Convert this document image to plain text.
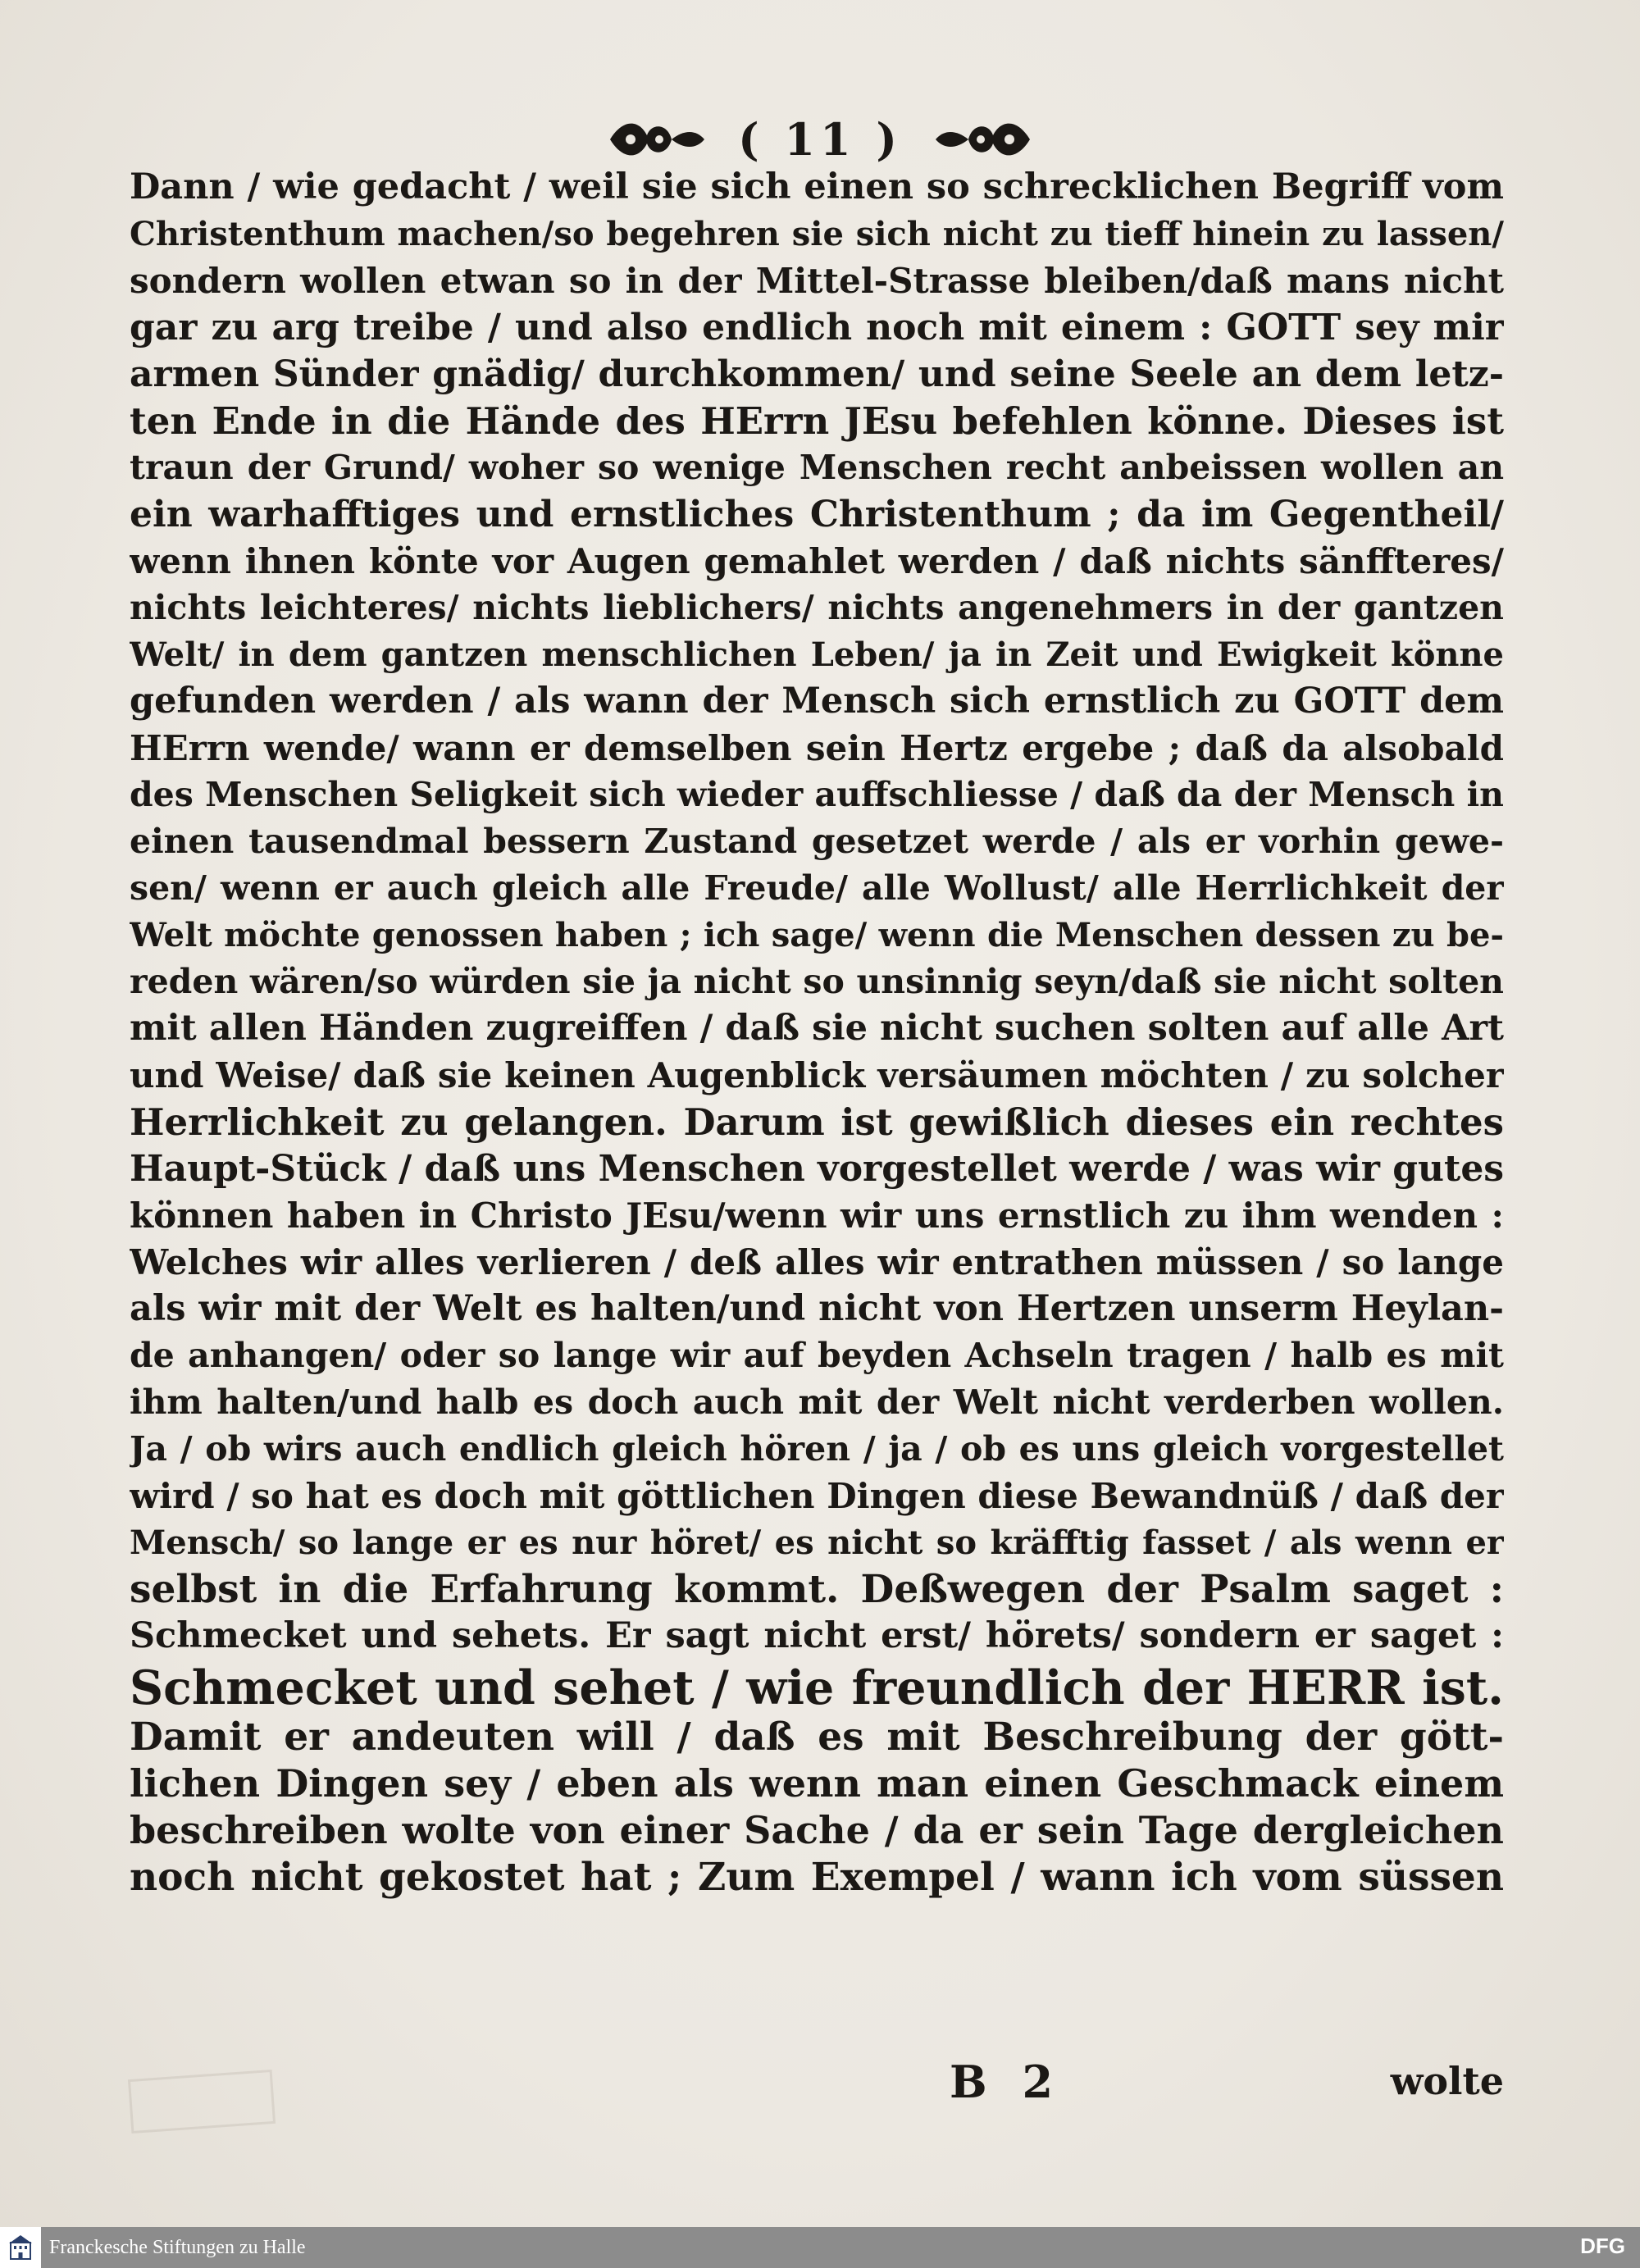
( 11 )
Dann / wie gedacht / weil sie sich einen so schrecklichen Begriff vom
Christenthum machen/so begehren sie sich nicht zu tieff hinein zu lassen/
sondern wollen etwan so in der Mittel-Strasse bleiben/daß mans nicht
gar zu arg treibe / und also endlich noch mit einem : GOTT sey mir
armen Sünder gnädig/ durchkommen/ und seine Seele an dem letz-
ten Ende in die Hände des HErrn JEsu befehlen könne. Dieses ist
traun der Grund/ woher so wenige Menschen recht anbeissen wollen an
ein warhafftiges und ernstliches Christenthum ; da im Gegentheil/
wenn ihnen könte vor Augen gemahlet werden / daß nichts sänffteres/
nichts leichteres/ nichts lieblichers/ nichts angenehmers in der gantzen
Welt/ in dem gantzen menschlichen Leben/ ja in Zeit und Ewigkeit könne
gefunden werden / als wann der Mensch sich ernstlich zu GOTT dem
HErrn wende/ wann er demselben sein Hertz ergebe ; daß da alsobald
des Menschen Seligkeit sich wieder auffschliesse / daß da der Mensch in
einen tausendmal bessern Zustand gesetzet werde / als er vorhin gewe-
sen/ wenn er auch gleich alle Freude/ alle Wollust/ alle Herrlichkeit der
Welt möchte genossen haben ; ich sage/ wenn die Menschen dessen zu be-
reden wären/so würden sie ja nicht so unsinnig seyn/daß sie nicht solten
mit allen Händen zugreiffen / daß sie nicht suchen solten auf alle Art
und Weise/ daß sie keinen Augenblick versäumen möchten / zu solcher
Herrlichkeit zu gelangen. Darum ist gewißlich dieses ein rechtes
Haupt-Stück / daß uns Menschen vorgestellet werde / was wir gutes
können haben in Christo JEsu/wenn wir uns ernstlich zu ihm wenden :
Welches wir alles verlieren / deß alles wir entrathen müssen / so lange
als wir mit der Welt es halten/und nicht von Hertzen unserm Heylan-
de anhangen/ oder so lange wir auf beyden Achseln tragen / halb es mit
ihm halten/und halb es doch auch mit der Welt nicht verderben wollen.
Ja / ob wirs auch endlich gleich hören / ja / ob es uns gleich vorgestellet
wird / so hat es doch mit göttlichen Dingen diese Bewandnüß / daß der
Mensch/ so lange er es nur höret/ es nicht so kräfftig fasset / als wenn er
selbst in die Erfahrung kommt. Deßwegen der Psalm saget :
Schmecket und sehets. Er sagt nicht erst/ hörets/ sondern er saget :
Schmecket und sehet / wie freundlich der HERR ist.
Damit er andeuten will / daß es mit Beschreibung der gött-
lichen Dingen sey / eben als wenn man einen Geschmack einem
beschreiben wolte von einer Sache / da er sein Tage dergleichen
noch nicht gekostet hat ; Zum Exempel / wann ich vom süssen
B 2	wolte
Franckesche Stiftungen zu Halle	DFG
